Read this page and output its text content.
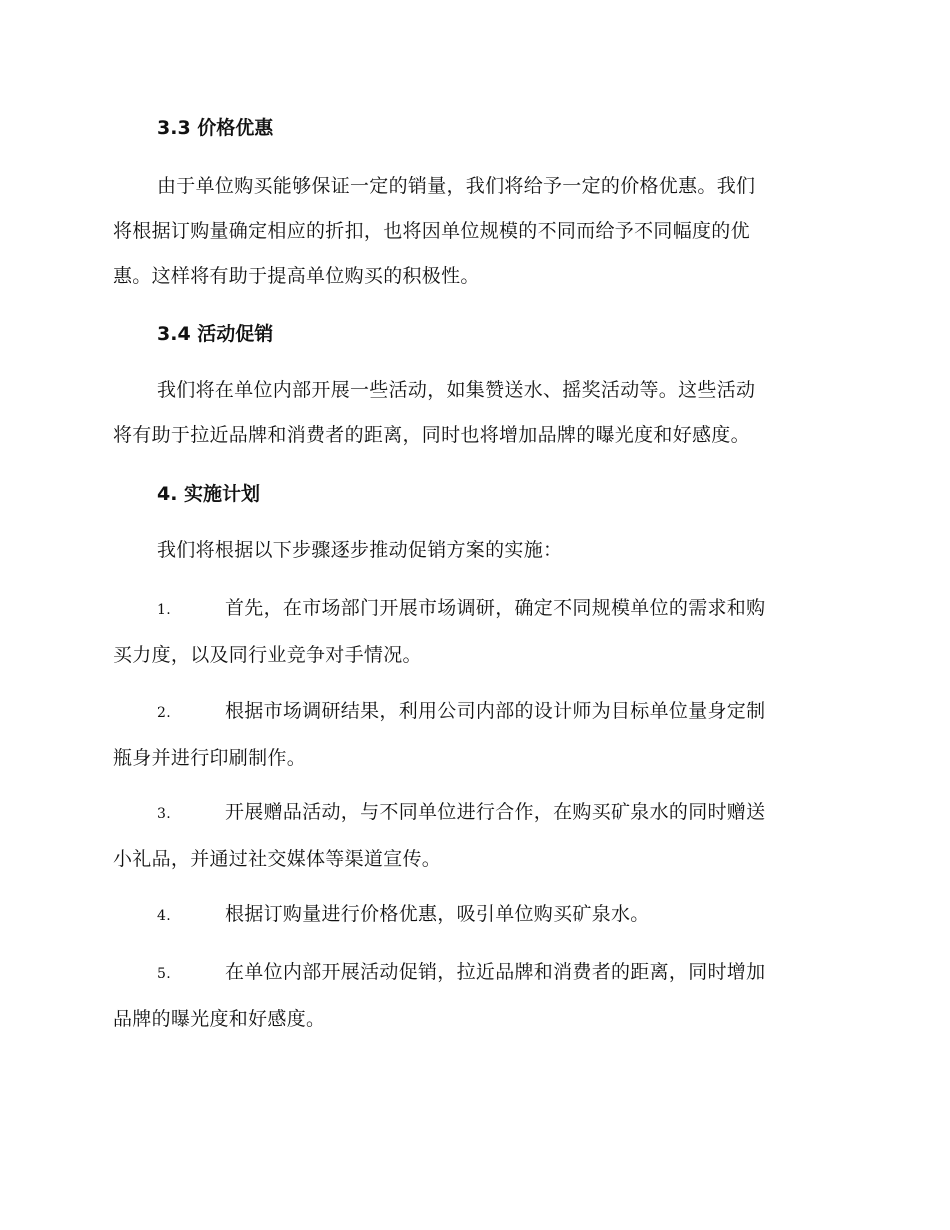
3.3 价格优惠
由于单位购买能够保证一定的销量，我们将给予一定的价格优惠。我们
将根据订购量确定相应的折扣，也将因单位规模的不同而给予不同幅度的优
惠。这样将有助于提高单位购买的积极性。
3.4 活动促销
我们将在单位内部开展一些活动，如集赞送水、摇奖活动等。这些活动
将有助于拉近品牌和消费者的距离，同时也将增加品牌的曝光度和好感度。
4. 实施计划
我们将根据以下步骤逐步推动促销方案的实施：
1.	首先，在市场部门开展市场调研，确定不同规模单位的需求和购
买力度，以及同行业竞争对手情况。
2.	根据市场调研结果，利用公司内部的设计师为目标单位量身定制
瓶身并进行印刷制作。
3.	开展赠品活动，与不同单位进行合作，在购买矿泉水的同时赠送
小礼品，并通过社交媒体等渠道宣传。
4.	根据订购量进行价格优惠，吸引单位购买矿泉水。
5.	在单位内部开展活动促销，拉近品牌和消费者的距离，同时增加
品牌的曝光度和好感度。
